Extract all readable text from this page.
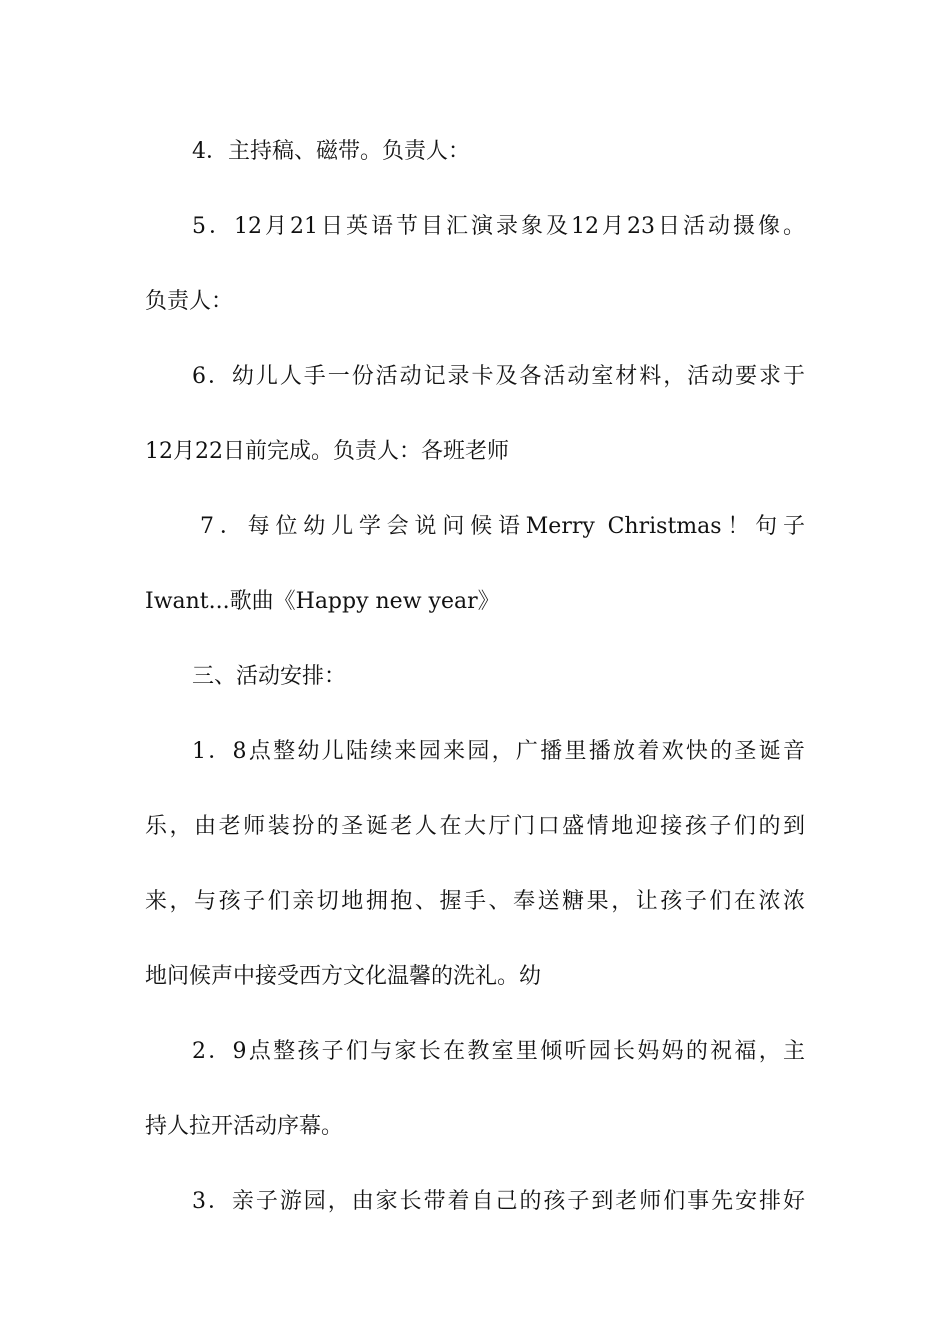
4．主持稿、磁带。负责人：
5．12月21日英语节目汇演录象及12月23日活动摄像。
负责人：
6．幼儿人手一份活动记录卡及各活动室材料，活动要求于
12月22日前完成。负责人：各班老师
7．每位幼儿学会说问候语Merry Christmas！句子
Iwant...歌曲《Happy new year》
三、活动安排：
1．8点整幼儿陆续来园来园，广播里播放着欢快的圣诞音
乐，由老师装扮的圣诞老人在大厅门口盛情地迎接孩子们的到
来，与孩子们亲切地拥抱、握手、奉送糖果，让孩子们在浓浓
地问候声中接受西方文化温馨的洗礼。幼
2．9点整孩子们与家长在教室里倾听园长妈妈的祝福，主
持人拉开活动序幕。
3．亲子游园，由家长带着自己的孩子到老师们事先安排好
